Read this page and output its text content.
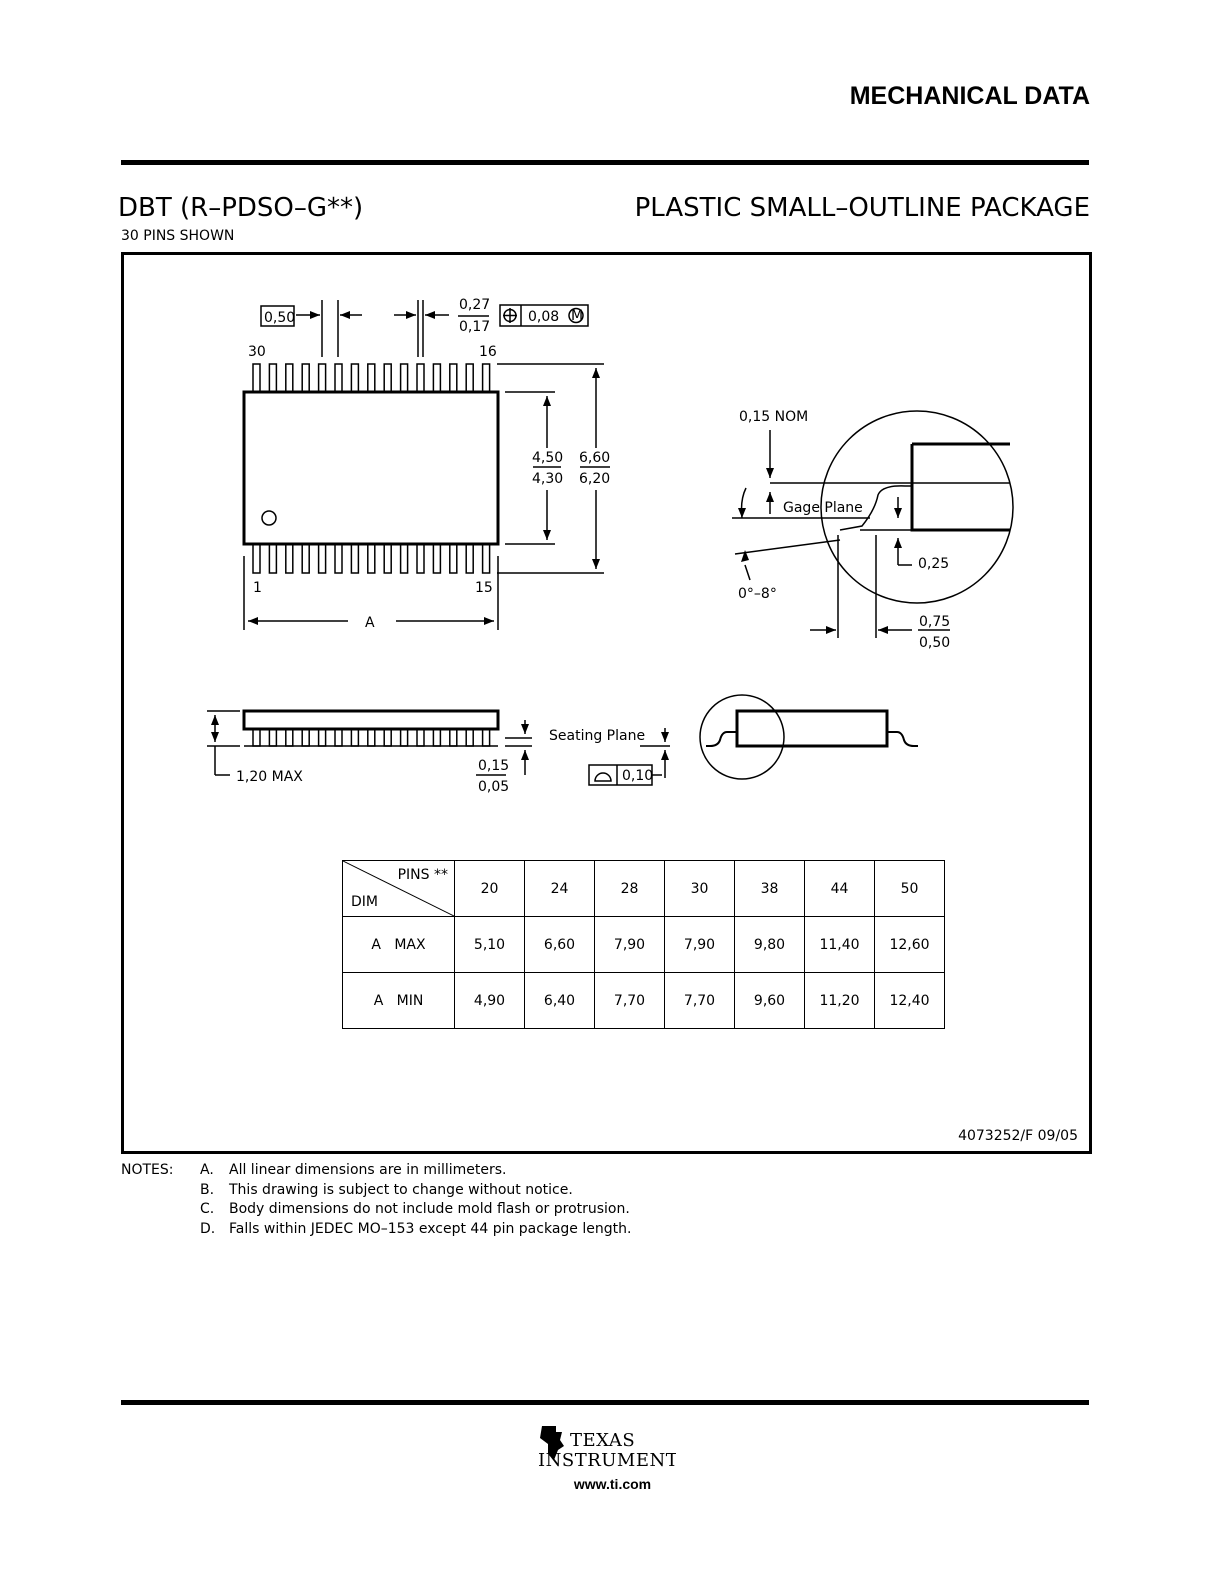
MECHANICAL DATA
DBT (R–PDSO–G**)	PLASTIC SMALL–OUTLINE PACKAGE
30 PINS SHOWN
0,50
0,27
0,17
0,08 M
30	16
1	15
4,50
4,30
6,60
6,20
A
0,15 NOM
Gage Plane
0,25
0°–8°
0,75
0,50
1,20 MAX
Seating Plane
0,15
0,05
0,10
PINS **
DIM	20	24	28	30	38	44	50
A   MAX	5,10	6,60	7,90	7,90	9,80	11,40	12,60
A   MIN	4,90	6,40	7,70	7,70	9,60	11,20	12,40
4073252/F 09/05
NOTES: A. All linear dimensions are in millimeters.
B. This drawing is subject to change without notice.
C. Body dimensions do not include mold flash or protrusion.
D. Falls within JEDEC MO–153 except 44 pin package length.
TEXAS
INSTRUMENTS
www.ti.com
